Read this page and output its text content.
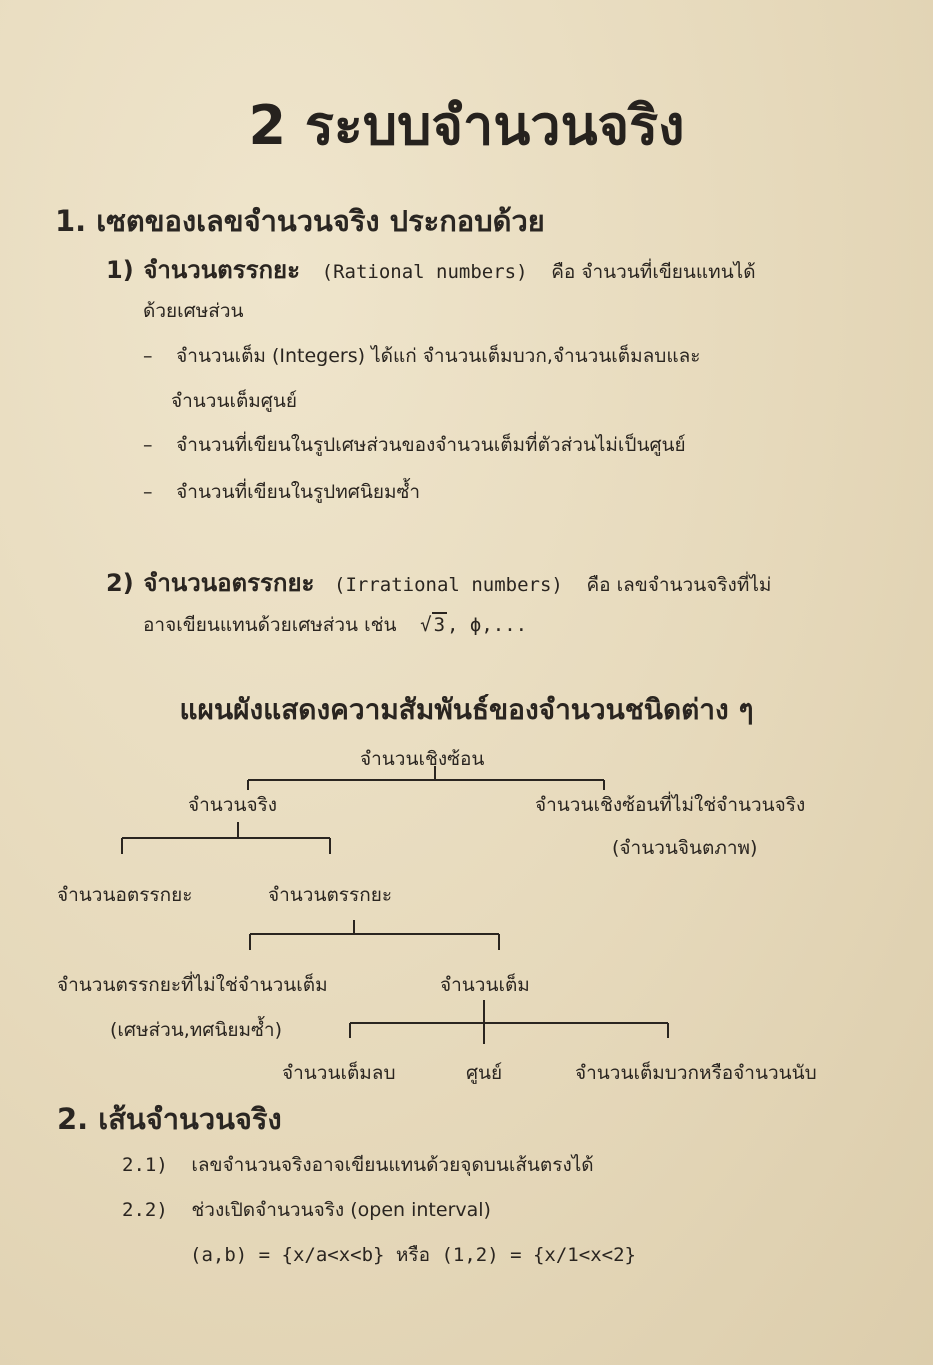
2 ระบบจำนวนจริง
1. เซตของเลขจำนวนจริง ประกอบด้วย
1) จำนวนตรรกยะ (Rational numbers) คือ จำนวนที่เขียนแทนได้
ด้วยเศษส่วน
– จำนวนเต็ม (Integers) ได้แก่ จำนวนเต็มบวก,จำนวนเต็มลบและ
จำนวนเต็มศูนย์
– จำนวนที่เขียนในรูปเศษส่วนของจำนวนเต็มที่ตัวส่วนไม่เป็นศูนย์
– จำนวนที่เขียนในรูปทศนิยมซ้ำ
2) จำนวนอตรรกยะ (Irrational numbers) คือ เลขจำนวนจริงที่ไม่
อาจเขียนแทนด้วยเศษส่วน เช่น √ 3 , ϕ,...
แผนผังแสดงความสัมพันธ์ของจำนวนชนิดต่าง ๆ
จำนวนเชิงซ้อน
จำนวนจริง	จำนวนเชิงซ้อนที่ไม่ใช่จำนวนจริง
(จำนวนจินตภาพ)
จำนวนอตรรกยะ	จำนวนตรรกยะ
จำนวนตรรกยะที่ไม่ใช่จำนวนเต็ม	จำนวนเต็ม
(เศษส่วน,ทศนิยมซ้ำ)
จำนวนเต็มลบ	ศูนย์	จำนวนเต็มบวกหรือจำนวนนับ
2. เส้นจำนวนจริง
2.1) เลขจำนวนจริงอาจเขียนแทนด้วยจุดบนเส้นตรงได้
2.2) ช่วงเปิดจำนวนจริง (open interval)
(a,b) = {x/a<x<b} หรือ (1,2) = {x/1<x<2}
